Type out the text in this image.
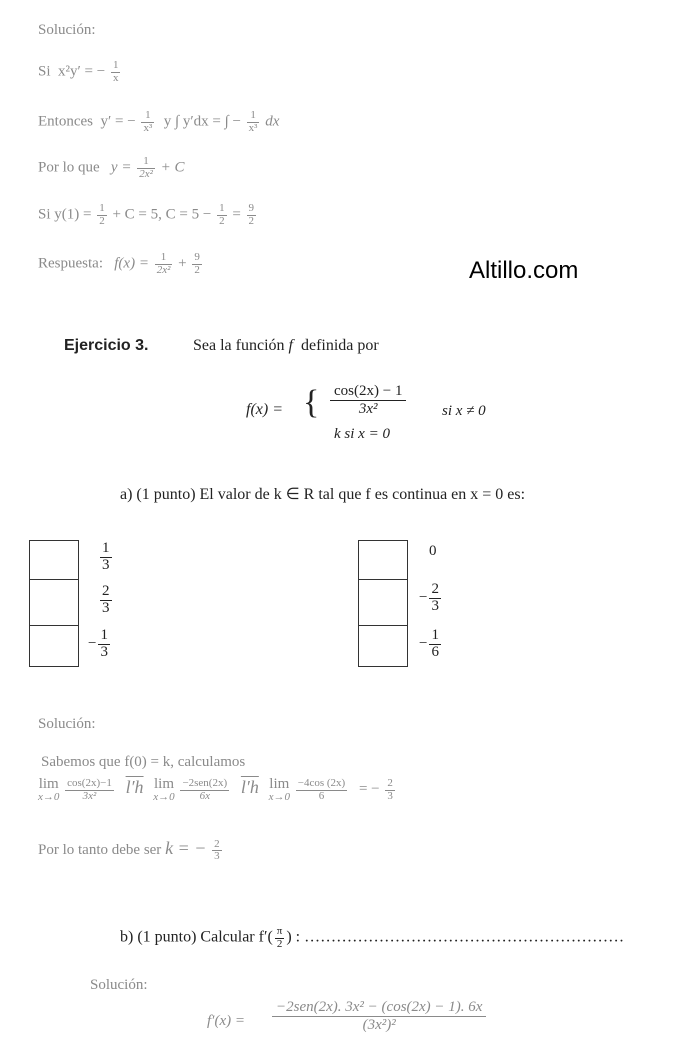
Solución:
Si x²y′ = − $\frac{1}{x}$
Entonces y′ = − $\frac{1}{\text{x³}}$ y ∫ y′dx = ∫ − $\frac{1}{\text{x³}}$ dx
Por lo que $y = \frac{1}{\text{2x²}} + C$
Si $y(1) = \frac{1}{2} + C = 5$, $C = 5 - \frac{1}{2} = \frac{9}{2}$
Respuesta: $f(x) = \frac{1}{\text{2x²}} + \frac{9}{2}$	Altillo.com
Ejercicio 3.	Sea la función f definida por
f(x) = { $\frac{\cos(2x) - 1}{\text{3x²}}$ si x ≠ 0
k si x = 0
a) (1 punto) El valor de k ∈ R tal que f es continua en x = 0 es:
$\frac{1}{3}$
$\frac{2}{3}$
− $\frac{1}{3}$
0
− $\frac{2}{3}$
− $\frac{1}{6}$
Solución:
Sabemos que f(0) = k, calculamos
lim
x→0
$\frac{\cos(2x)-1}{\text{3x²}} l'h$ lim
x→0
$\frac{\text{−2sen(2x)}}{6x} l'h$ lim
x→0
$\frac{-4\cos (2x)}{6}$ = − $\frac{2}{3}$
Por lo tanto debe ser k = − $\frac{2}{3}$
b) (1 punto) Calcular $f'( \frac{\pi}{2}$ ) : ……………………………………………………
Solución:
$f'(x) = \frac{\text{−2sen(2x). 3x² − (cos(2x) − 1). 6x}}{\text{(3x²)²}}$
